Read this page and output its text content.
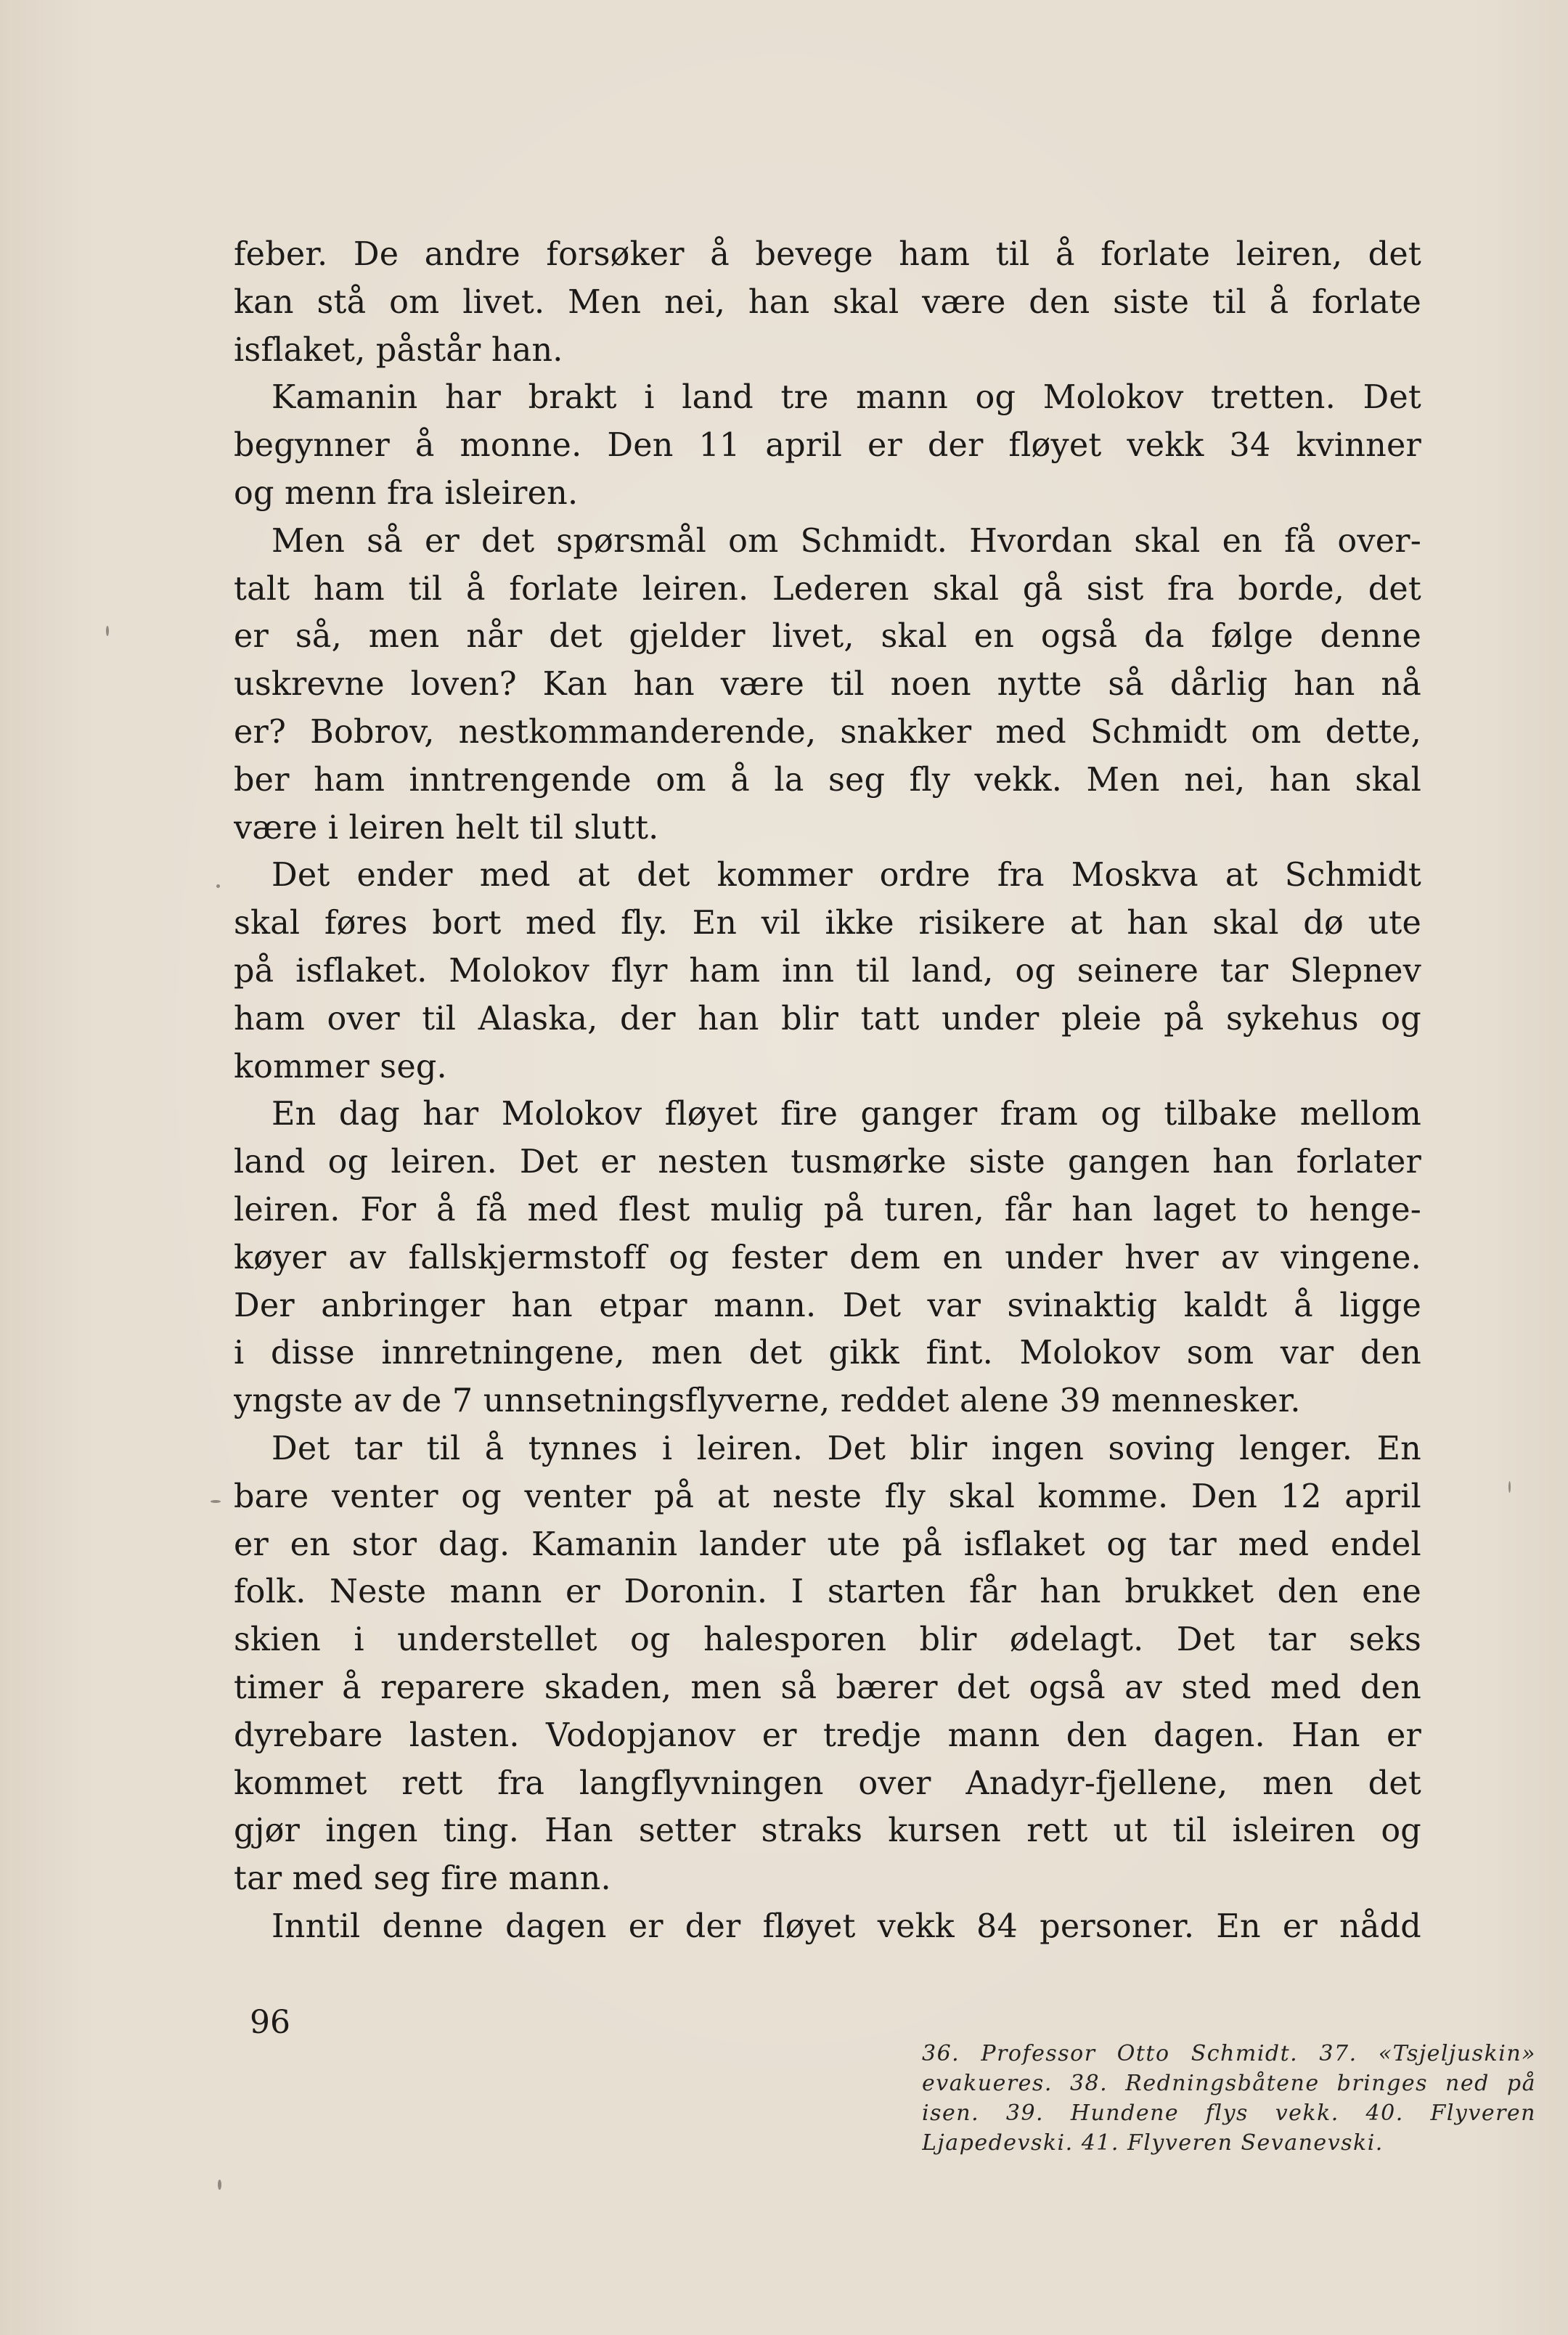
feber. De andre forsøker å bevege ham til å forlate leiren, det
kan stå om livet. Men nei, han skal være den siste til å forlate
isflaket, påstår han.
Kamanin har brakt i land tre mann og Molokov tretten. Det
begynner å monne. Den 11 april er der fløyet vekk 34 kvinner
og menn fra isleiren.
Men så er det spørsmål om Schmidt. Hvordan skal en få over-
talt ham til å forlate leiren. Lederen skal gå sist fra borde, det
er så, men når det gjelder livet, skal en også da følge denne
uskrevne loven? Kan han være til noen nytte så dårlig han nå
er? Bobrov, nestkommanderende, snakker med Schmidt om dette,
ber ham inntrengende om å la seg fly vekk. Men nei, han skal
være i leiren helt til slutt.
Det ender med at det kommer ordre fra Moskva at Schmidt
skal føres bort med fly. En vil ikke risikere at han skal dø ute
på isflaket. Molokov flyr ham inn til land, og seinere tar Slepnev
ham over til Alaska, der han blir tatt under pleie på sykehus og
kommer seg.
En dag har Molokov fløyet fire ganger fram og tilbake mellom
land og leiren. Det er nesten tusmørke siste gangen han forlater
leiren. For å få med flest mulig på turen, får han laget to henge-
køyer av fallskjermstoff og fester dem en under hver av vingene.
Der anbringer han etpar mann. Det var svinaktig kaldt å ligge
i disse innretningene, men det gikk fint. Molokov som var den
yngste av de 7 unnsetningsflyverne, reddet alene 39 mennesker.
Det tar til å tynnes i leiren. Det blir ingen soving lenger. En
bare venter og venter på at neste fly skal komme. Den 12 april
er en stor dag. Kamanin lander ute på isflaket og tar med endel
folk. Neste mann er Doronin. I starten får han brukket den ene
skien i understellet og halesporen blir ødelagt. Det tar seks
timer å reparere skaden, men så bærer det også av sted med den
dyrebare lasten. Vodopjanov er tredje mann den dagen. Han er
kommet rett fra langflyvningen over Anadyr-fjellene, men det
gjør ingen ting. Han setter straks kursen rett ut til isleiren og
tar med seg fire mann.
Inntil denne dagen er der fløyet vekk 84 personer. En er nådd
96
36. Professor Otto Schmidt. 37. «Tsjeljuskin»
evakueres. 38. Redningsbåtene bringes ned på
isen. 39. Hundene flys vekk. 40. Flyveren
Ljapedevski. 41. Flyveren Sevanevski.
